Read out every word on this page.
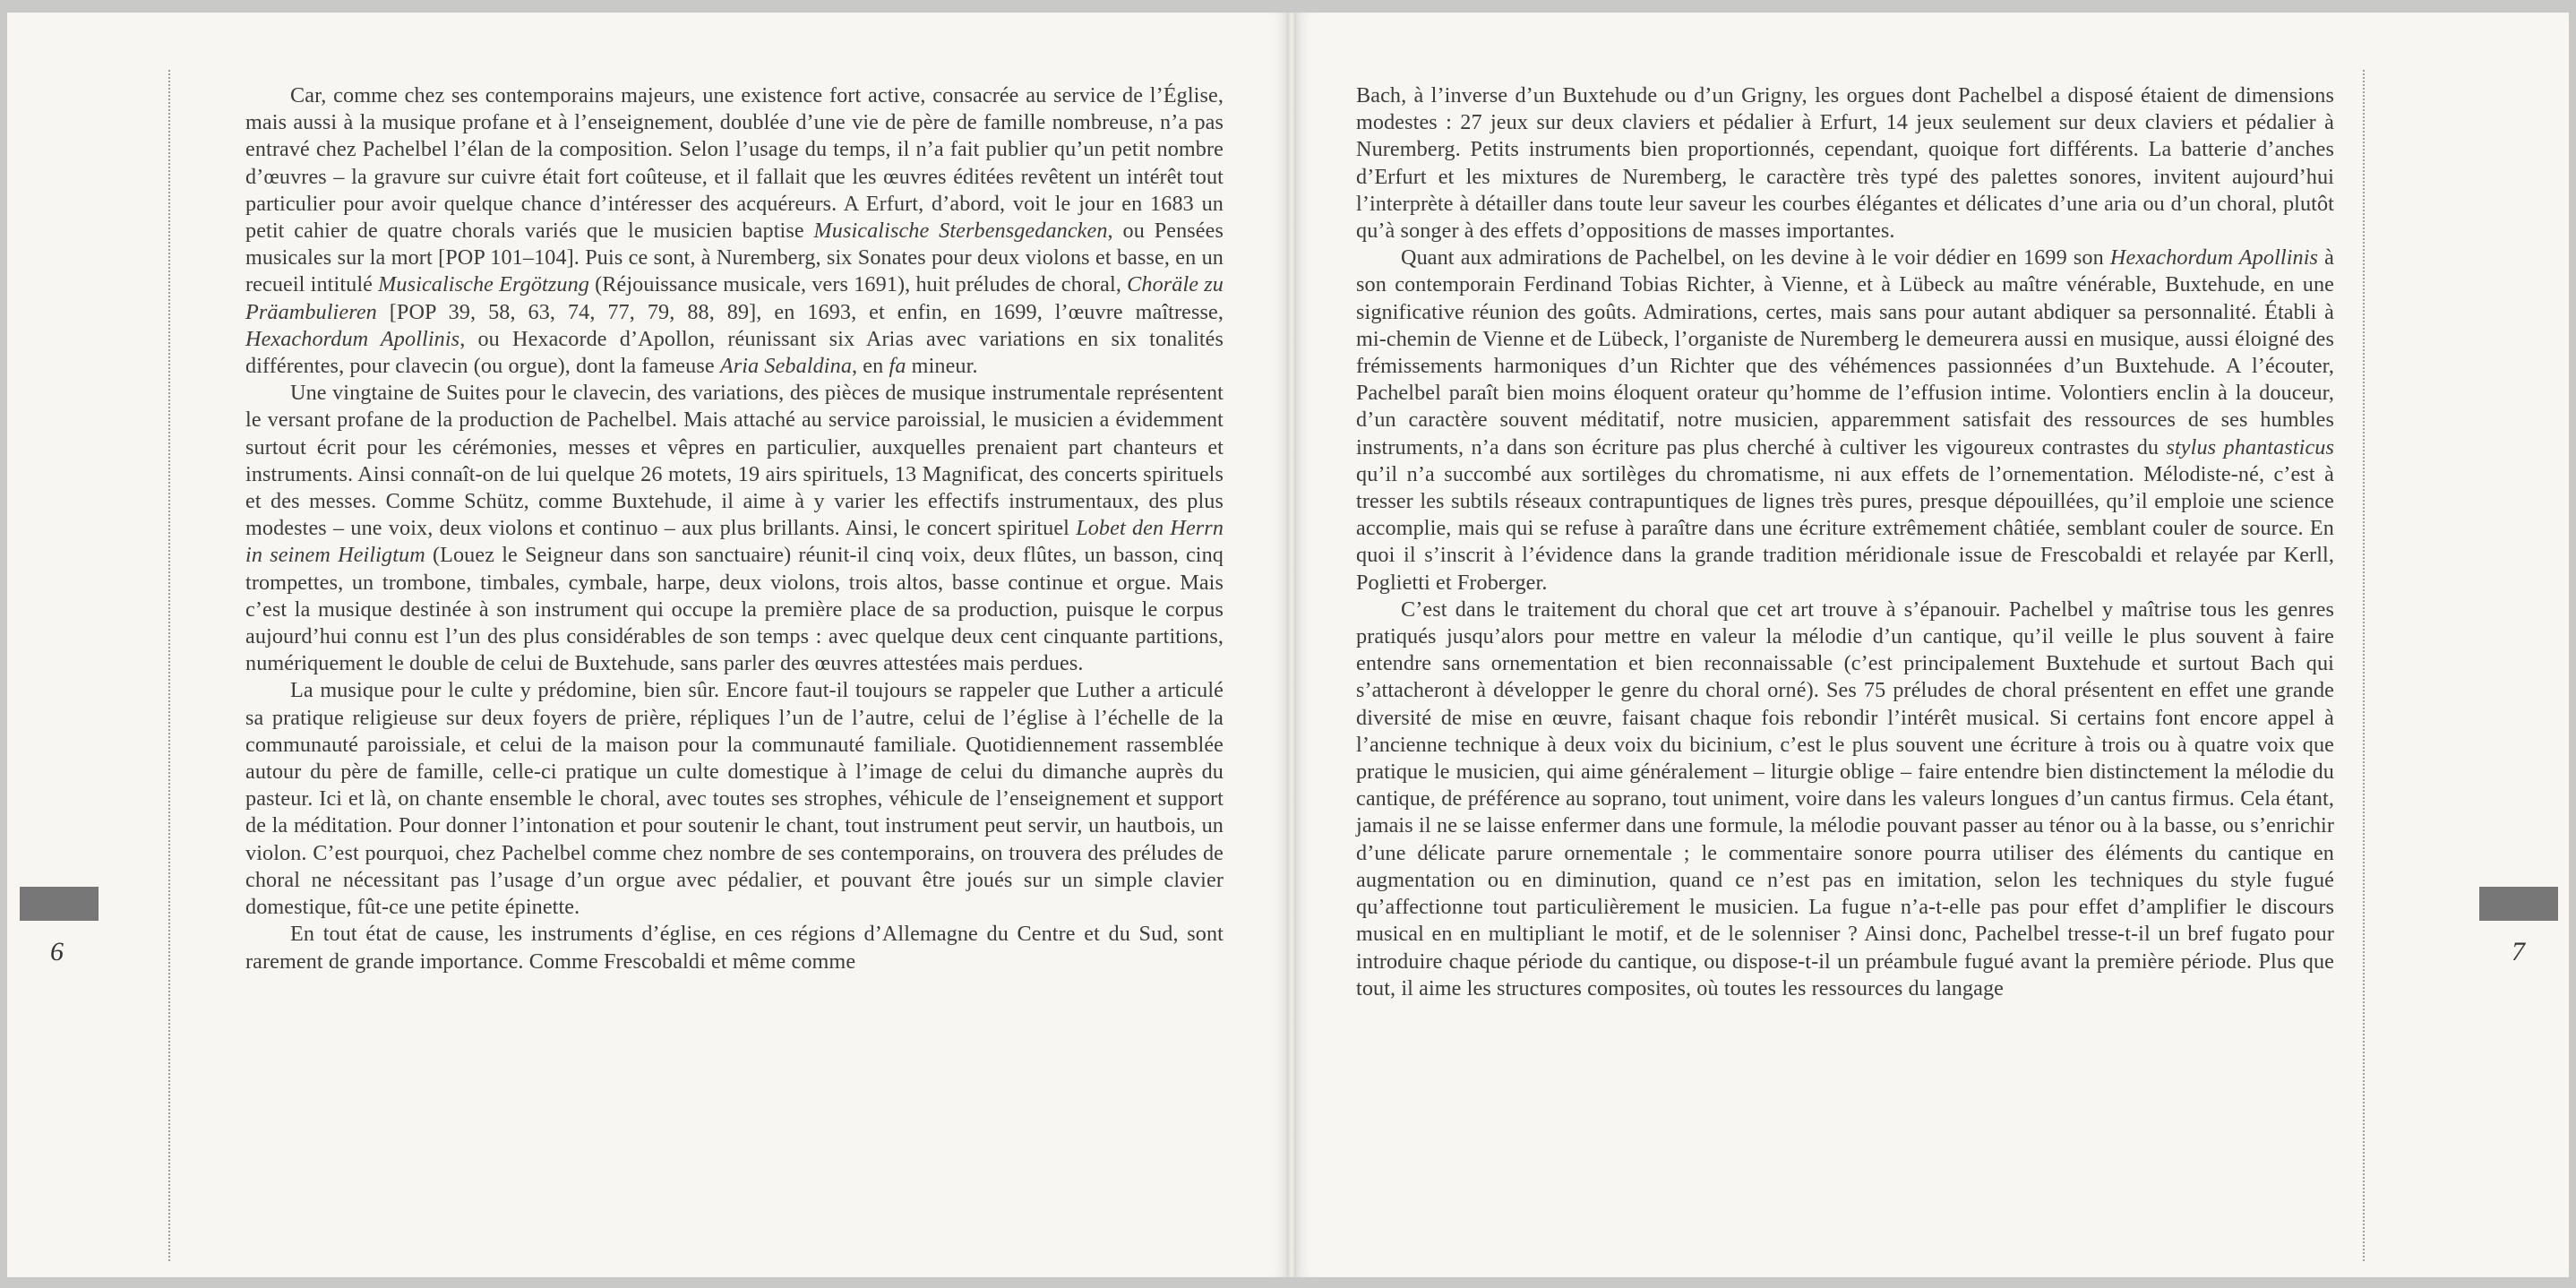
6	7

Car, comme chez ses contemporains majeurs, une existence fort active, consacrée au service de l’Église, mais aussi à la musique profane et à l’enseignement, doublée d’une vie de père de famille nombreuse, n’a pas entravé chez Pachelbel l’élan de la composition. Selon l’usage du temps, il n’a fait publier qu’un petit nombre d’œuvres – la gravure sur cuivre était fort coûteuse, et il fallait que les œuvres éditées revêtent un intérêt tout particulier pour avoir quelque chance d’intéresser des acquéreurs. A Erfurt, d’abord, voit le jour en 1683 un petit cahier de quatre chorals variés que le musicien baptise Musicalische Sterbensgedancken, ou Pensées musicales sur la mort [POP 101–104]. Puis ce sont, à Nuremberg, six Sonates pour deux violons et basse, en un recueil intitulé Musicalische Ergötzung (Réjouissance musicale, vers 1691), huit préludes de choral, Choräle zu Präambulieren [POP 39, 58, 63, 74, 77, 79, 88, 89], en 1693, et enfin, en 1699, l’œuvre maîtresse, Hexachordum Apollinis, ou Hexacorde d’Apollon, réunissant six Arias avec variations en six tonalités différentes, pour clavecin (ou orgue), dont la fameuse Aria Sebaldina, en fa mineur.

Une vingtaine de Suites pour le clavecin, des variations, des pièces de musique instrumentale représentent le versant profane de la production de Pachelbel. Mais attaché au service paroissial, le musicien a évidemment surtout écrit pour les cérémonies, messes et vêpres en particulier, auxquelles prenaient part chanteurs et instruments. Ainsi connaît-on de lui quelque 26 motets, 19 airs spirituels, 13 Magnificat, des concerts spirituels et des messes. Comme Schütz, comme Buxtehude, il aime à y varier les effectifs instrumentaux, des plus modestes – une voix, deux violons et continuo – aux plus brillants. Ainsi, le concert spirituel Lobet den Herrn in seinem Heiligtum (Louez le Seigneur dans son sanctuaire) réunit-il cinq voix, deux flûtes, un basson, cinq trompettes, un trombone, timbales, cymbale, harpe, deux violons, trois altos, basse continue et orgue. Mais c’est la musique destinée à son instrument qui occupe la première place de sa production, puisque le corpus aujourd’hui connu est l’un des plus considérables de son temps : avec quelque deux cent cinquante partitions, numériquement le double de celui de Buxtehude, sans parler des œuvres attestées mais perdues.

La musique pour le culte y prédomine, bien sûr. Encore faut-il toujours se rappeler que Luther a articulé sa pratique religieuse sur deux foyers de prière, répliques l’un de l’autre, celui de l’église à l’échelle de la communauté paroissiale, et celui de la maison pour la communauté familiale. Quotidiennement rassemblée autour du père de famille, celle-ci pratique un culte domestique à l’image de celui du dimanche auprès du pasteur. Ici et là, on chante ensemble le choral, avec toutes ses strophes, véhicule de l’enseignement et support de la méditation. Pour donner l’intonation et pour soutenir le chant, tout instrument peut servir, un hautbois, un violon. C’est pourquoi, chez Pachelbel comme chez nombre de ses contemporains, on trouvera des préludes de choral ne nécessitant pas l’usage d’un orgue avec pédalier, et pouvant être joués sur un simple clavier domestique, fût-ce une petite épinette.

En tout état de cause, les instruments d’église, en ces régions d’Allemagne du Centre et du Sud, sont rarement de grande importance. Comme Frescobaldi et même comme

Bach, à l’inverse d’un Buxtehude ou d’un Grigny, les orgues dont Pachelbel a disposé étaient de dimensions modestes : 27 jeux sur deux claviers et pédalier à Erfurt, 14 jeux seulement sur deux claviers et pédalier à Nuremberg. Petits instruments bien proportionnés, cependant, quoique fort différents. La batterie d’anches d’Erfurt et les mixtures de Nuremberg, le caractère très typé des palettes sonores, invitent aujourd’hui l’interprète à détailler dans toute leur saveur les courbes élégantes et délicates d’une aria ou d’un choral, plutôt qu’à songer à des effets d’oppositions de masses importantes.

Quant aux admirations de Pachelbel, on les devine à le voir dédier en 1699 son Hexachordum Apollinis à son contemporain Ferdinand Tobias Richter, à Vienne, et à Lübeck au maître vénérable, Buxtehude, en une significative réunion des goûts. Admirations, certes, mais sans pour autant abdiquer sa personnalité. Établi à mi-chemin de Vienne et de Lübeck, l’organiste de Nuremberg le demeurera aussi en musique, aussi éloigné des frémissements harmoniques d’un Richter que des véhémences passionnées d’un Buxtehude. A l’écouter, Pachelbel paraît bien moins éloquent orateur qu’homme de l’effusion intime. Volontiers enclin à la douceur, d’un caractère souvent méditatif, notre musicien, apparemment satisfait des ressources de ses humbles instruments, n’a dans son écriture pas plus cherché à cultiver les vigoureux contrastes du stylus phantasticus qu’il n’a succombé aux sortilèges du chromatisme, ni aux effets de l’ornementation. Mélodiste-né, c’est à tresser les subtils réseaux contrapuntiques de lignes très pures, presque dépouillées, qu’il emploie une science accomplie, mais qui se refuse à paraître dans une écriture extrêmement châtiée, semblant couler de source. En quoi il s’inscrit à l’évidence dans la grande tradition méridionale issue de Frescobaldi et relayée par Kerll, Poglietti et Froberger.

C’est dans le traitement du choral que cet art trouve à s’épanouir. Pachelbel y maîtrise tous les genres pratiqués jusqu’alors pour mettre en valeur la mélodie d’un cantique, qu’il veille le plus souvent à faire entendre sans ornementation et bien reconnaissable (c’est principalement Buxtehude et surtout Bach qui s’attacheront à développer le genre du choral orné). Ses 75 préludes de choral présentent en effet une grande diversité de mise en œuvre, faisant chaque fois rebondir l’intérêt musical. Si certains font encore appel à l’ancienne technique à deux voix du bicinium, c’est le plus souvent une écriture à trois ou à quatre voix que pratique le musicien, qui aime généralement – liturgie oblige – faire entendre bien distinctement la mélodie du cantique, de préférence au soprano, tout uniment, voire dans les valeurs longues d’un cantus firmus. Cela étant, jamais il ne se laisse enfermer dans une formule, la mélodie pouvant passer au ténor ou à la basse, ou s’enrichir d’une délicate parure ornementale ; le commentaire sonore pourra utiliser des éléments du cantique en augmentation ou en diminution, quand ce n’est pas en imitation, selon les techniques du style fugué qu’affectionne tout particulièrement le musicien. La fugue n’a-t-elle pas pour effet d’amplifier le discours musical en en multipliant le motif, et de le solenniser ? Ainsi donc, Pachelbel tresse-t-il un bref fugato pour introduire chaque période du cantique, ou dispose-t-il un préambule fugué avant la première période. Plus que tout, il aime les structures composites, où toutes les ressources du langage
